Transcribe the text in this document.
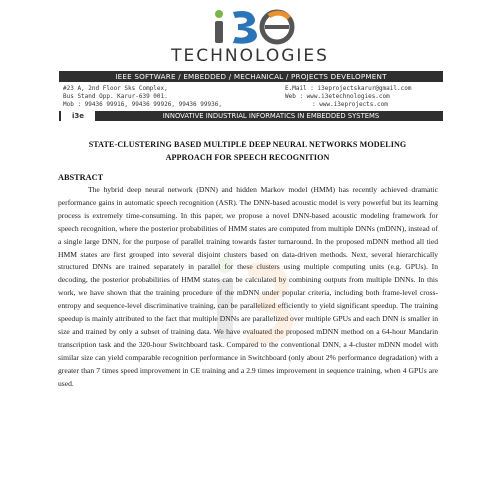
TECHNOLOGIES
IEEE SOFTWARE / EMBEDDED / MECHANICAL / PROJECTS DEVELOPMENT
#23 A, 2nd Floor Sks Complex,
Bus Stand Opp. Karur-639 001.
Mob : 99436 99916, 99436 99926, 99436 99936,
E.Mail : i3eprojectskarur@gmail.com
Web : www.i3etechnologies.com
: www.i3eprojects.com
i3e	INNOVATIVE INDUSTRIAL INFORMATICS IN EMBEDDED SYSTEMS
STATE-CLUSTERING BASED MULTIPLE DEEP NEURAL NETWORKS MODELING
APPROACH FOR SPEECH RECOGNITION
ABSTRACT
The hybrid deep neural network (DNN) and hidden Markov model (HMM) has recently achieved dramatic performance gains in automatic speech recognition (ASR). The DNN-based acoustic model is very powerful but its learning process is extremely time-consuming. In this paper, we propose a novel DNN-based acoustic modeling framework for speech recognition, where the posterior probabilities of HMM states are computed from multiple DNNs (mDNN), instead of a single large DNN, for the purpose of parallel training towards faster turnaround. In the proposed mDNN method all tied HMM states are first grouped into several disjoint clusters based on data-driven methods. Next, several hierarchically structured DNNs are trained separately in parallel for these clusters using multiple computing units (e.g. GPUs). In decoding, the posterior probabilities of HMM states can be calculated by combining outputs from multiple DNNs. In this work, we have shown that the training procedure of the mDNN under popular criteria, including both frame-level cross-entropy and sequence-level discriminative training, can be parallelized efficiently to yield significant speedup. The training speedup is mainly attributed to the fact that multiple DNNs are parallelized over multiple GPUs and each DNN is smaller in size and trained by only a subset of training data. We have evaluated the proposed mDNN method on a 64-hour Mandarin transcription task and the 320-hour Switchboard task. Compared to the conventional DNN, a 4-cluster mDNN model with similar size can yield comparable recognition performance in Switchboard (only about 2% performance degradation) with a greater than 7 times speed improvement in CE training and a 2.9 times improvement in sequence training, when 4 GPUs are used.
